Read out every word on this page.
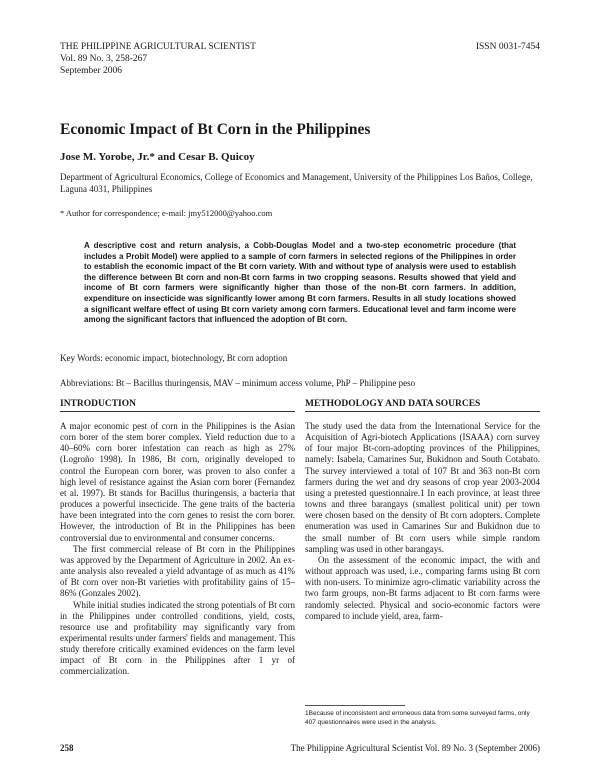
THE PHILIPPINE AGRICULTURAL SCIENTIST	ISSN 0031-7454
Vol. 89 No. 3, 258-267
September 2006
Economic Impact of Bt Corn in the Philippines
Jose M. Yorobe, Jr.* and Cesar B. Quicoy
Department of Agricultural Economics, College of Economics and Management, University of the Philippines Los Baños, College, Laguna 4031, Philippines
* Author for correspondence; e-mail: jmy512000@yahoo.com
A descriptive cost and return analysis, a Cobb-Douglas Model and a two-step econometric procedure (that includes a Probit Model) were applied to a sample of corn farmers in selected regions of the Philippines in order to establish the economic impact of the Bt corn variety. With and without type of analysis were used to establish the difference between Bt corn and non-Bt corn farms in two cropping seasons. Results showed that yield and income of Bt corn farmers were significantly higher than those of the non-Bt corn farmers. In addition, expenditure on insecticide was significantly lower among Bt corn farmers. Results in all study locations showed a significant welfare effect of using Bt corn variety among corn farmers. Educational level and farm income were among the significant factors that influenced the adoption of Bt corn.
Key Words: economic impact, biotechnology, Bt corn adoption
Abbreviations: Bt – Bacillus thuringensis, MAV – minimum access volume, PhP – Philippine peso
INTRODUCTION	METHODOLOGY AND DATA SOURCES

A major economic pest of corn in the Philippines is the Asian corn borer of the stem borer complex. Yield reduction due to a 40–60% corn borer infestation can reach as high as 27% (Logroño 1998). In 1986, Bt corn, originally developed to control the European corn borer, was proven to also confer a high level of resistance against the Asian corn borer (Fernandez et al. 1997). Bt stands for Bacillus thuringensis, a bacteria that produces a powerful insecticide. The gene traits of the bacteria have been integrated into the corn genes to resist the corn borer. However, the introduction of Bt in the Philippines has been controversial due to environmental and consumer concerns.

The first commercial release of Bt corn in the Philippines was approved by the Department of Agriculture in 2002. An ex-ante analysis also revealed a yield advantage of as much as 41% of Bt corn over non-Bt varieties with profitability gains of 15–86% (Gonzales 2002).

While initial studies indicated the strong potentials of Bt corn in the Philippines under controlled conditions, yield, costs, resource use and profitability may significantly vary from experimental results under farmers' fields and management. This study therefore critically examined evidences on the farm level impact of Bt corn in the Philippines after 1 yr of commercialization.

The study used the data from the International Service for the Acquisition of Agri-biotech Applications (ISAAA) corn survey of four major Bt-corn-adopting provinces of the Philippines, namely: Isabela, Camarines Sur, Bukidnon and South Cotabato. The survey interviewed a total of 107 Bt and 363 non-Bt corn farmers during the wet and dry seasons of crop year 2003-2004 using a pretested questionnaire.1 In each province, at least three towns and three barangays (smallest political unit) per town were chosen based on the density of Bt corn adopters. Complete enumeration was used in Camarines Sur and Bukidnon due to the small number of Bt corn users while simple random sampling was used in other barangays.

On the assessment of the economic impact, the with and without approach was used, i.e., comparing farms using Bt corn with non-users. To minimize agro-climatic variability across the two farm groups, non-Bt farms adjacent to Bt corn farms were randomly selected. Physical and socio-economic factors were compared to include yield, area, farm-

1Because of inconsistent and erroneous data from some surveyed farms, only 407 questionnaires were used in the analysis.
258	The Philippine Agricultural Scientist Vol. 89 No. 3 (September 2006)
